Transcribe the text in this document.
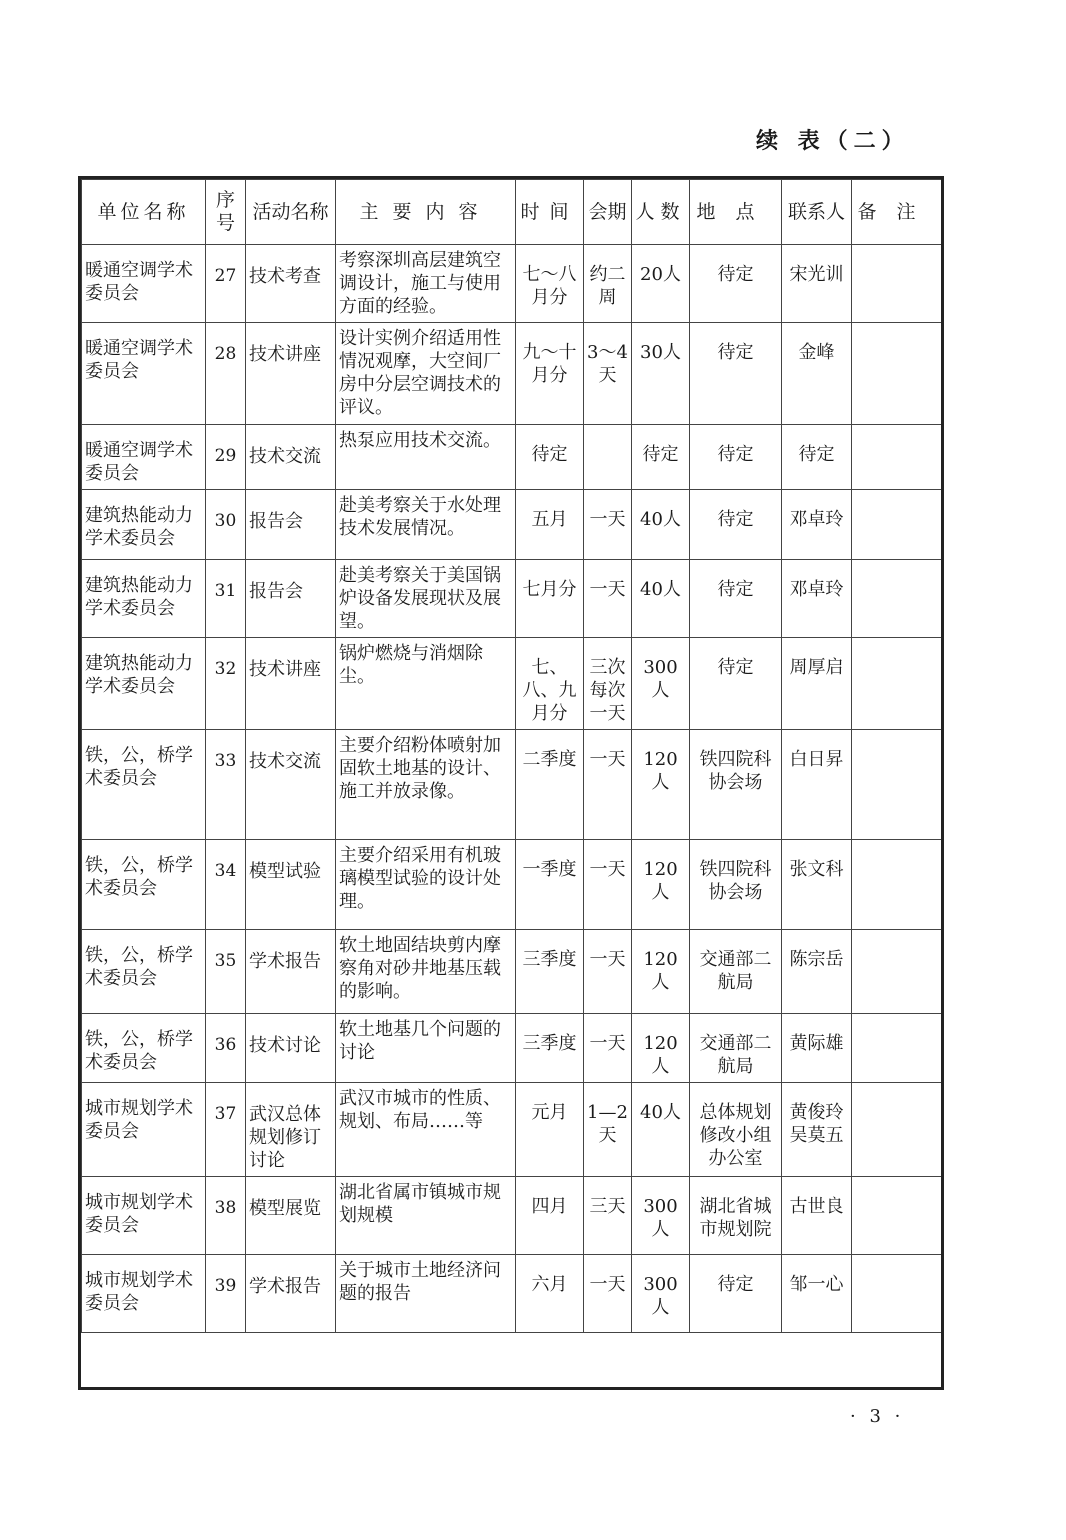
续 表（二）
单位名称	序号	活动名称	主要内容	时间	会期	人数	地点	联系人	备注
暖通空调学术委员会	27	技术考查	考察深圳高层建筑空调设计，施工与使用方面的经验。	七～八月分	约二周	20人	待定	宋光训	
暖通空调学术委员会	28	技术讲座	设计实例介绍适用性情况观摩，大空间厂房中分层空调技术的评议。	九～十月分	3～4天	30人	待定	金峰	
暖通空调学术委员会	29	技术交流	热泵应用技术交流。	待定		待定	待定	待定	
建筑热能动力学术委员会	30	报告会	赴美考察关于水处理技术发展情况。	五月	一天	40人	待定	邓卓玲	
建筑热能动力学术委员会	31	报告会	赴美考察关于美国锅炉设备发展现状及展望。	七月分	一天	40人	待定	邓卓玲	
建筑热能动力学术委员会	32	技术讲座	锅炉燃烧与消烟除尘。	七、八、九月分	三次每次一天	300人	待定	周厚启	
铁，公，桥学术委员会	33	技术交流	主要介绍粉体喷射加固软土地基的设计、施工并放录像。	二季度	一天	120人	铁四院科协会场	白日昇	
铁，公，桥学术委员会	34	模型试验	主要介绍采用有机玻璃模型试验的设计处理。	一季度	一天	120人	铁四院科协会场	张文科	
铁，公，桥学术委员会	35	学术报告	软土地固结块剪内摩察角对砂井地基压载的影响。	三季度	一天	120人	交通部二航局	陈宗岳	
铁，公，桥学术委员会	36	技术讨论	软土地基几个问题的讨论	三季度	一天	120人	交通部二航局	黄际雄	
城市规划学术委员会	37	武汉总体规划修订讨论	武汉市城市的性质、规划、布局……等	元月	1—2天	40人	总体规划修改小组办公室	黄俊玲 吴莫五	
城市规划学术委员会	38	模型展览	湖北省属市镇城市规划规模	四月	三天	300人	湖北省城市规划院	古世良	
城市规划学术委员会	39	学术报告	关于城市土地经济问题的报告	六月	一天	300人	待定	邹一心	
· 3 ·
